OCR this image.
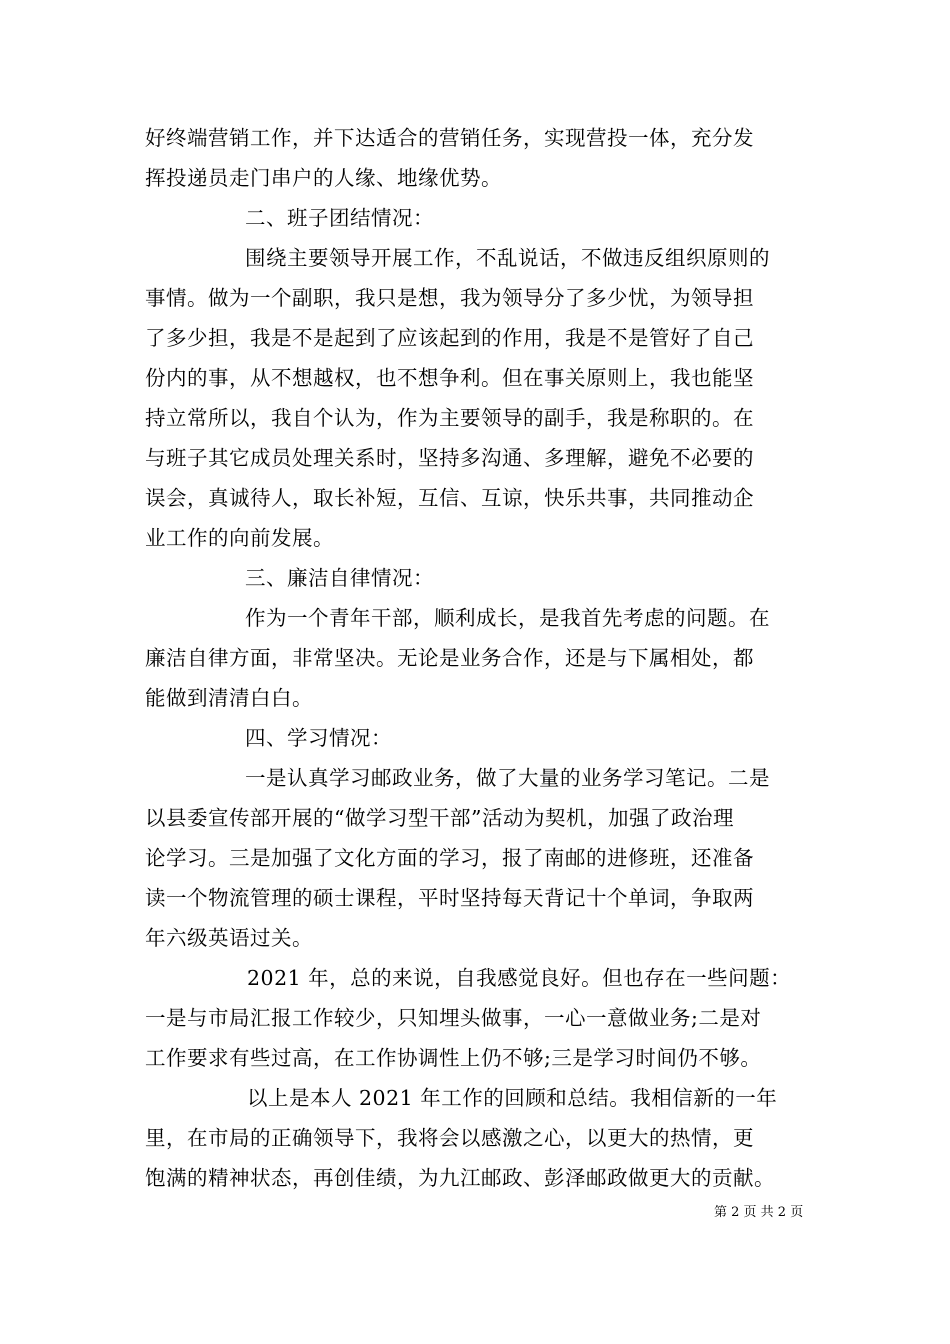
好终端营销工作，并下达适合的营销任务，实现营投一体，充分发
挥投递员走门串户的人缘、地缘优势。
二、班子团结情况：
围绕主要领导开展工作，不乱说话，不做违反组织原则的
事情。做为一个副职，我只是想，我为领导分了多少忧，为领导担
了多少担，我是不是起到了应该起到的作用，我是不是管好了自己
份内的事，从不想越权，也不想争利。但在事关原则上，我也能坚
持立常所以，我自个认为，作为主要领导的副手，我是称职的。在
与班子其它成员处理关系时，坚持多沟通、多理解，避免不必要的
误会，真诚待人，取长补短，互信、互谅，快乐共事，共同推动企
业工作的向前发展。
三、廉洁自律情况：
作为一个青年干部，顺利成长，是我首先考虑的问题。在
廉洁自律方面，非常坚决。无论是业务合作，还是与下属相处，都
能做到清清白白。
四、学习情况：
一是认真学习邮政业务，做了大量的业务学习笔记。二是
以县委宣传部开展的“做学习型干部”活动为契机，加强了政治理
论学习。三是加强了文化方面的学习，报了南邮的进修班，还准备
读一个物流管理的硕士课程，平时坚持每天背记十个单词，争取两
年六级英语过关。
2021 年，总的来说，自我感觉良好。但也存在一些问题：
一是与市局汇报工作较少，只知埋头做事，一心一意做业务;二是对
工作要求有些过高，在工作协调性上仍不够;三是学习时间仍不够。
以上是本人 2021 年工作的回顾和总结。我相信新的一年
里，在市局的正确领导下，我将会以感激之心，以更大的热情，更
饱满的精神状态，再创佳绩，为九江邮政、彭泽邮政做更大的贡献。
第 2 页 共 2 页
